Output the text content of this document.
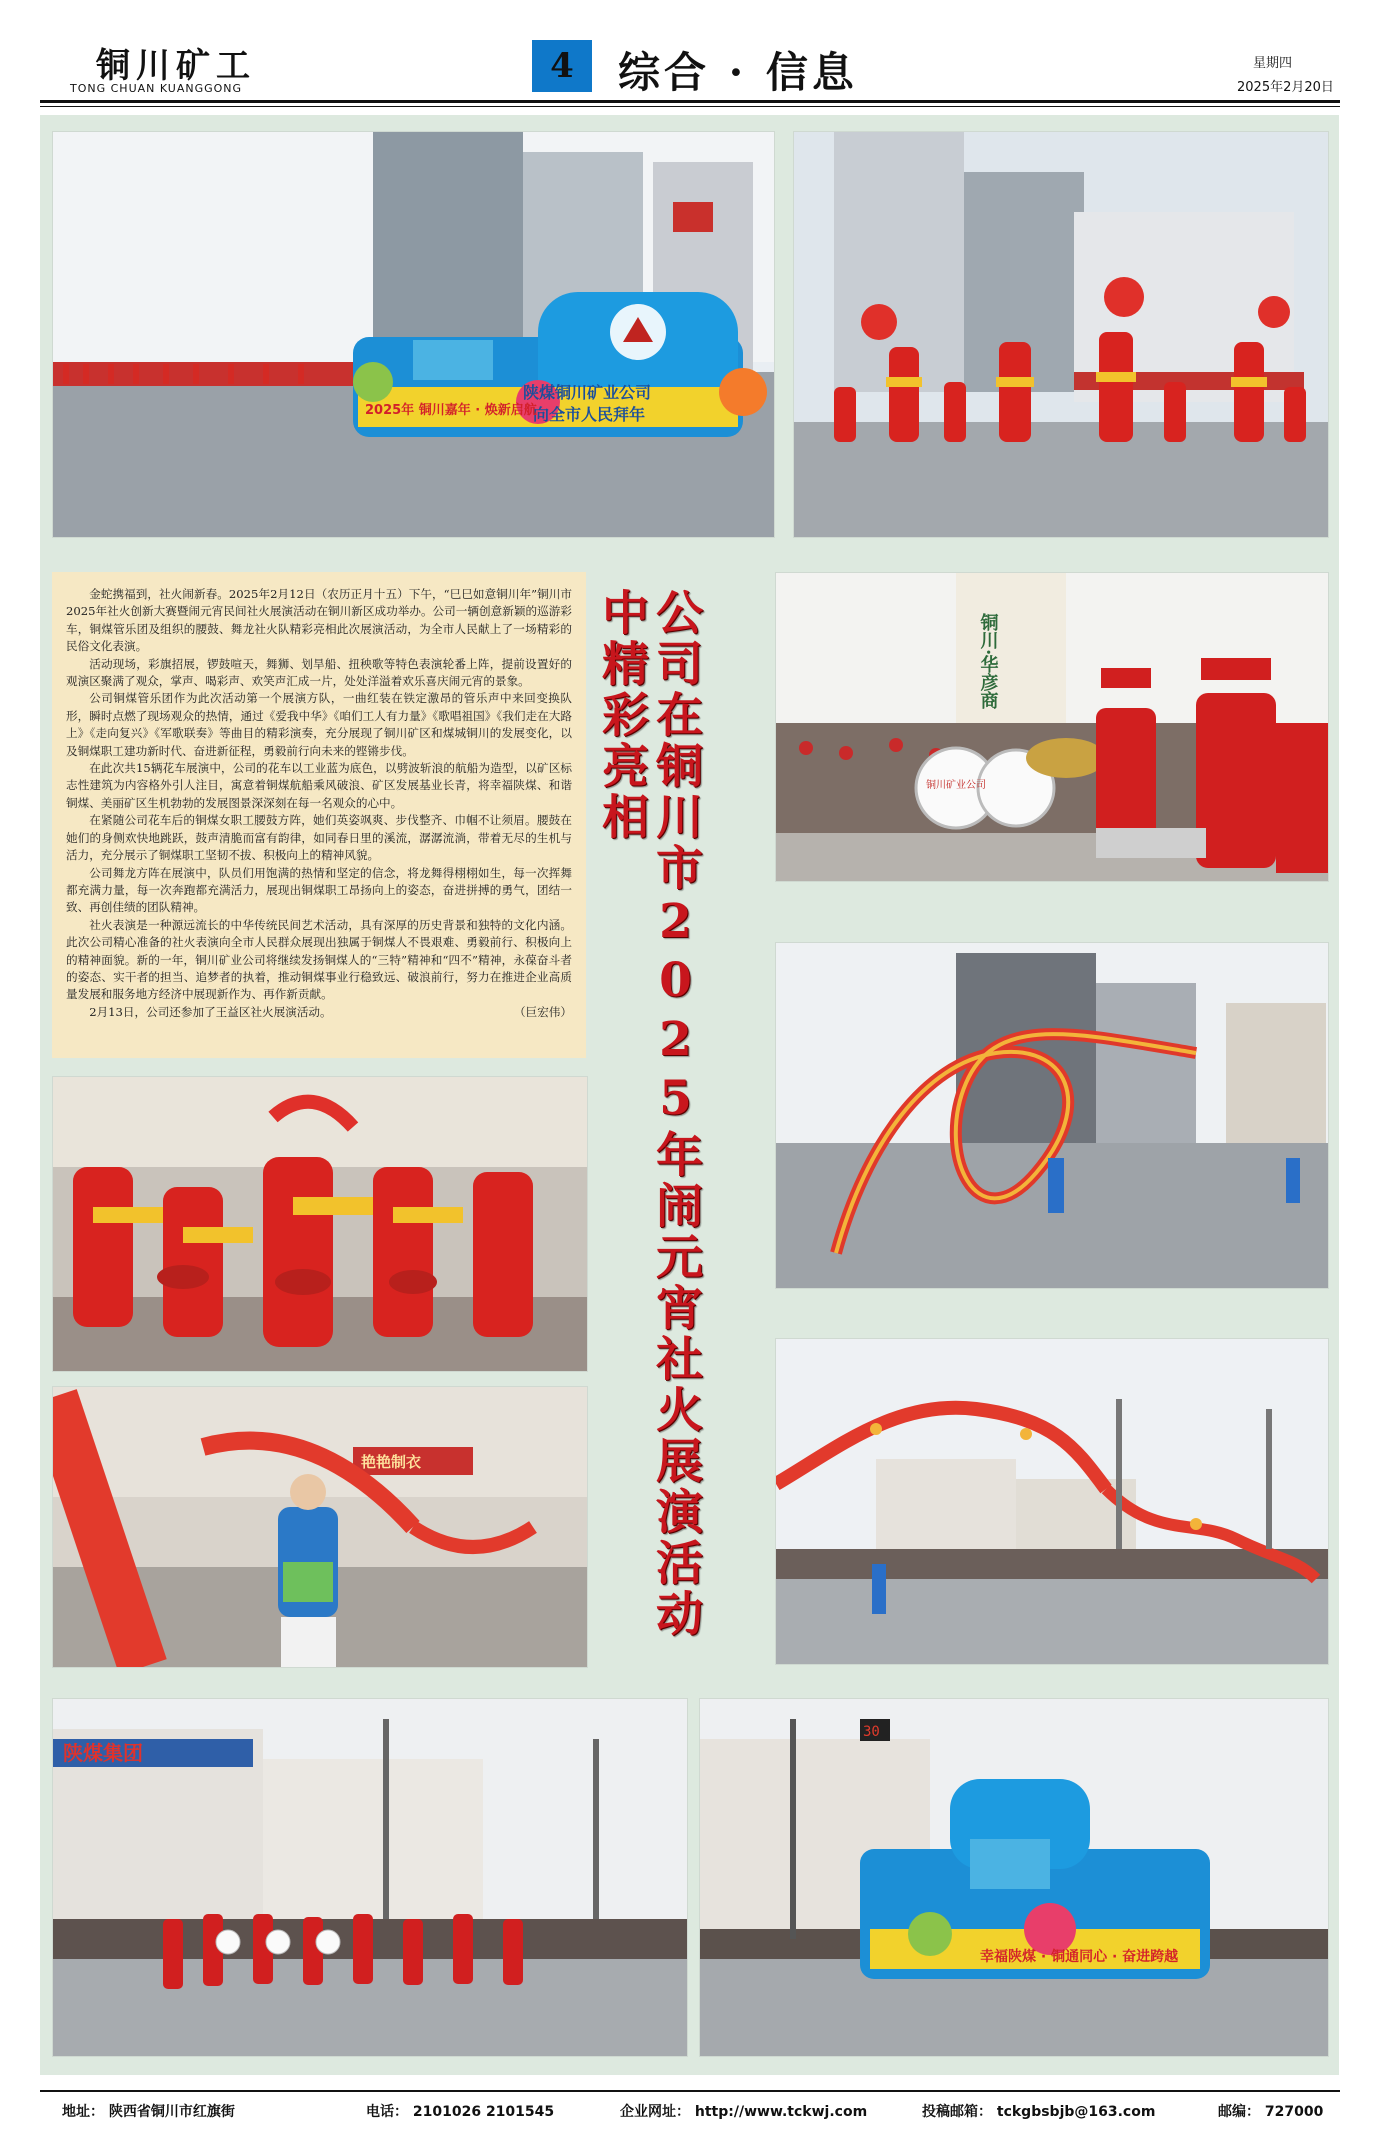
铜川矿工
TONG CHUAN KUANGGONG
4	综合 · 信息	星期四
2025年2月20日
陕煤铜川矿业公司
向全市人民拜年
2025年 铜川嘉年 · 焕新启航

金蛇携福到，社火闹新春。2025年2月12日（农历正月十五）下午，“巳巳如意铜川年”铜川市2025年社火创新大赛暨闹元宵民间社火展演活动在铜川新区成功举办。公司一辆创意新颖的巡游彩车，铜煤管乐团及组织的腰鼓、舞龙社火队精彩亮相此次展演活动，为全市人民献上了一场精彩的民俗文化表演。

活动现场，彩旗招展，锣鼓喧天，舞狮、划旱船、扭秧歌等特色表演轮番上阵，提前设置好的观演区聚满了观众，掌声、喝彩声、欢笑声汇成一片，处处洋溢着欢乐喜庆闹元宵的景象。

公司铜煤管乐团作为此次活动第一个展演方队，一曲红装在铁定激昂的管乐声中来回变换队形，瞬时点燃了现场观众的热情，通过《爱我中华》《咱们工人有力量》《歌唱祖国》《我们走在大路上》《走向复兴》《军歌联奏》等曲目的精彩演奏，充分展现了铜川矿区和煤城铜川的发展变化，以及铜煤职工建功新时代、奋进新征程，勇毅前行向未来的铿锵步伐。

在此次共15辆花车展演中，公司的花车以工业蓝为底色，以劈波斩浪的航船为造型，以矿区标志性建筑为内容格外引人注目，寓意着铜煤航船乘风破浪、矿区发展基业长青，将幸福陕煤、和谐铜煤、美丽矿区生机勃勃的发展图景深深刻在每一名观众的心中。

在紧随公司花车后的铜煤女职工腰鼓方阵，她们英姿飒爽、步伐整齐、巾帼不让须眉。腰鼓在她们的身侧欢快地跳跃，鼓声清脆而富有韵律，如同春日里的溪流，潺潺流淌，带着无尽的生机与活力，充分展示了铜煤职工坚韧不拔、积极向上的精神风貌。

公司舞龙方阵在展演中，队员们用饱满的热情和坚定的信念，将龙舞得栩栩如生，每一次挥舞都充满力量，每一次奔跑都充满活力，展现出铜煤职工昂扬向上的姿态，奋进拼搏的勇气，团结一致、再创佳绩的团队精神。

社火表演是一种源远流长的中华传统民间艺术活动，具有深厚的历史背景和独特的文化内涵。此次公司精心准备的社火表演向全市人民群众展现出独属于铜煤人不畏艰难、勇毅前行、积极向上的精神面貌。新的一年，铜川矿业公司将继续发扬铜煤人的“三特”精神和“四不”精神，永葆奋斗者的姿态、实干者的担当、追梦者的执着，推动铜煤事业行稳致远、破浪前行，努力在推进企业高质量发展和服务地方经济中展现新作为、再作新贡献。

2月13日，公司还参加了王益区社火展演活动。	（巨宏伟） 公司在铜川市2025年闹元宵社火展演活动中精彩亮相	铜川·华彦商
铜川矿业公司
艳艳制衣
陕煤集团
幸福陕煤 · 铜通同心 · 奋进跨越
30
地址： 陕西省铜川市红旗街	电话： 2101026 2101545	企业网址： http://www.tckwj.com	投稿邮箱： tckgbsbjb@163.com	邮编： 727000
